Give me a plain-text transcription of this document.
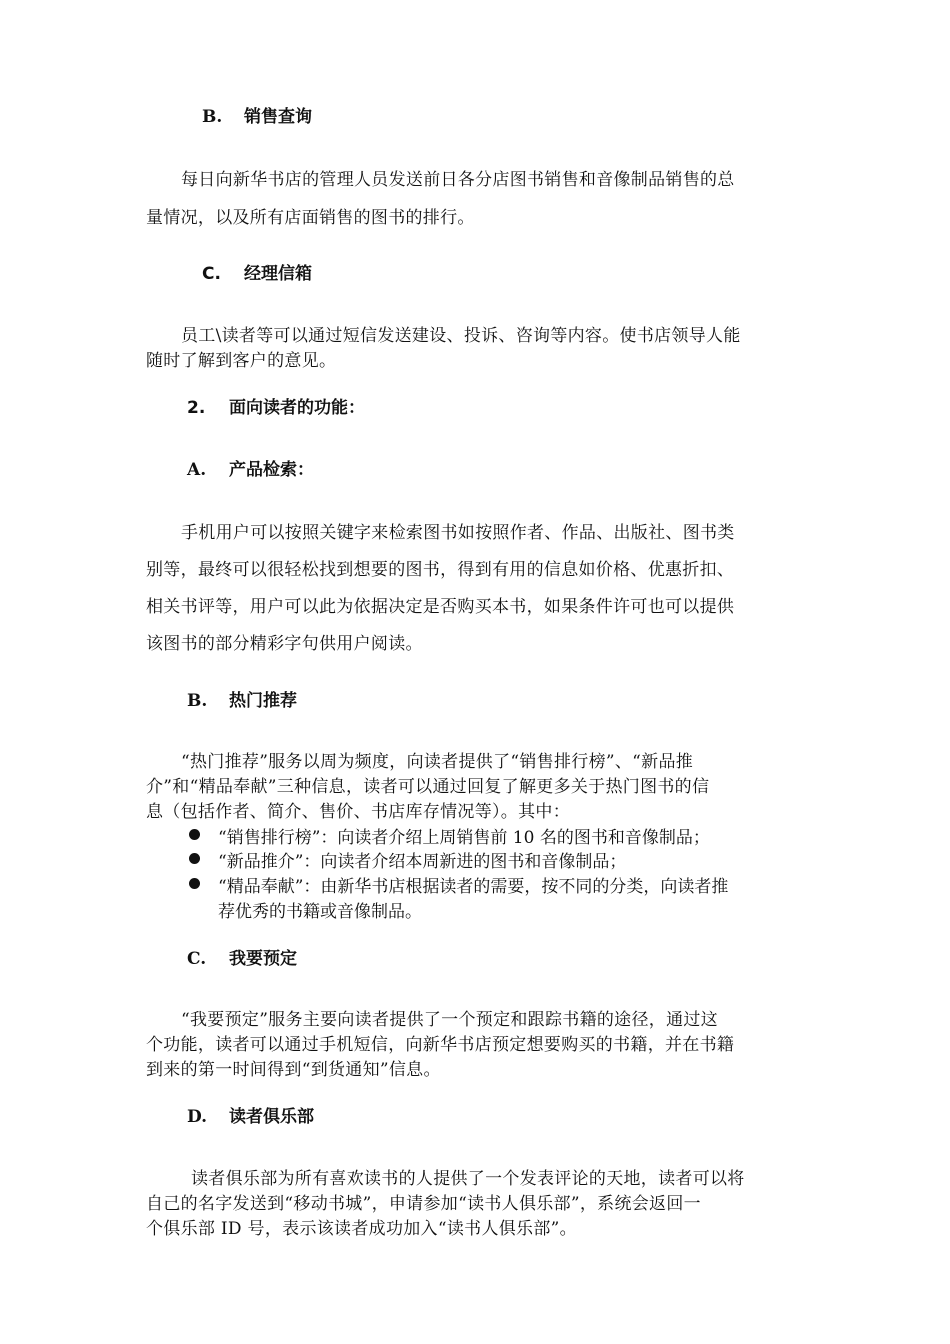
B. 销售查询
每日向新华书店的管理人员发送前日各分店图书销售和音像制品销售的总
量情况，以及所有店面销售的图书的排行。
C. 经理信箱
员工\读者等可以通过短信发送建设、投诉、咨询等内容。使书店领导人能
随时了解到客户的意见。
2. 面向读者的功能：
A. 产品检索：
手机用户可以按照关键字来检索图书如按照作者、作品、出版社、图书类
别等，最终可以很轻松找到想要的图书，得到有用的信息如价格、优惠折扣、
相关书评等，用户可以此为依据决定是否购买本书，如果条件许可也可以提供
该图书的部分精彩字句供用户阅读。
B. 热门推荐
“热门推荐”服务以周为频度，向读者提供了“销售排行榜”、“新品推
介”和“精品奉献”三种信息，读者可以通过回复了解更多关于热门图书的信
息（包括作者、简介、售价、书店库存情况等）。其中：
“销售排行榜”：向读者介绍上周销售前 10 名的图书和音像制品；
“新品推介”：向读者介绍本周新进的图书和音像制品；
“精品奉献”：由新华书店根据读者的需要，按不同的分类，向读者推
荐优秀的书籍或音像制品。
C. 我要预定
“我要预定”服务主要向读者提供了一个预定和跟踪书籍的途径，通过这
个功能，读者可以通过手机短信，向新华书店预定想要购买的书籍，并在书籍
到来的第一时间得到“到货通知”信息。
D. 读者俱乐部
读者俱乐部为所有喜欢读书的人提供了一个发表评论的天地，读者可以将
自己的名字发送到“移动书城”，申请参加“读书人俱乐部”，系统会返回一
个俱乐部 ID 号，表示该读者成功加入“读书人俱乐部”。
